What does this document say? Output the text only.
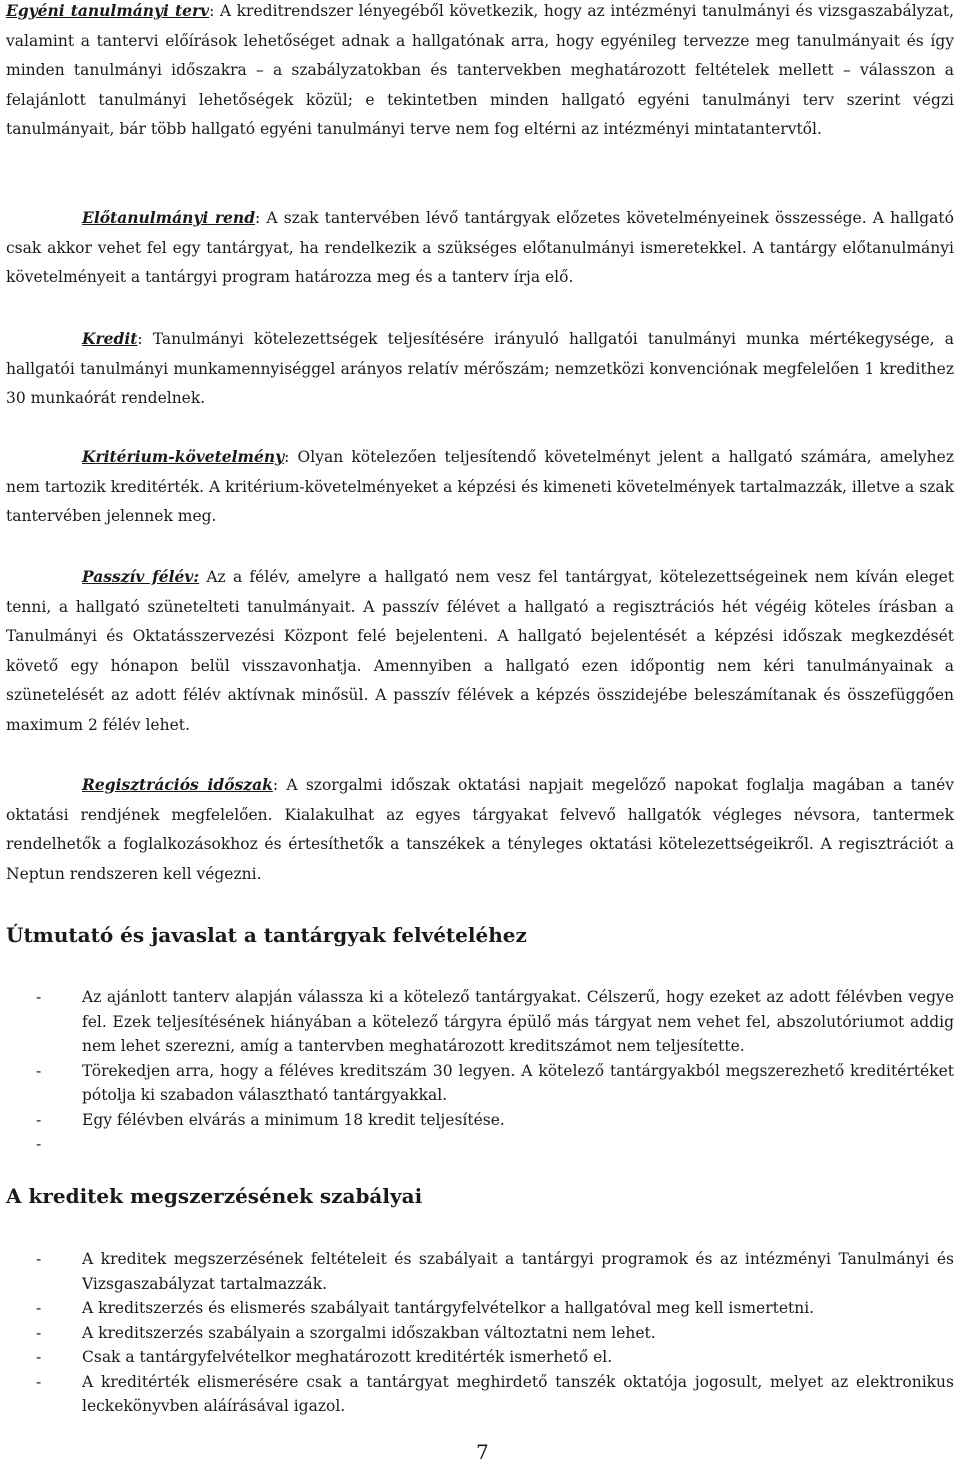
Egyéni tanulmányi terv: A kreditrendszer lényegéből következik, hogy az intézményi tanulmányi és vizsgaszabályzat, valamint a tantervi előírások lehetőséget adnak a hallgatónak arra, hogy egyénileg tervezze meg tanulmányait és így minden tanulmányi időszakra – a szabályzatokban és tantervekben meghatározott feltételek mellett – válasszon a felajánlott tanulmányi lehetőségek közül; e tekintetben minden hallgató egyéni tanulmányi terv szerint végzi tanulmányait, bár több hallgató egyéni tanulmányi terve nem fog eltérni az intézményi mintatantervtől.

Előtanulmányi rend: A szak tantervében lévő tantárgyak előzetes követelményeinek összessége. A hallgató csak akkor vehet fel egy tantárgyat, ha rendelkezik a szükséges előtanulmányi ismeretekkel. A tantárgy előtanulmányi követelményeit a tantárgyi program határozza meg és a tanterv írja elő.

Kredit: Tanulmányi kötelezettségek teljesítésére irányuló hallgatói tanulmányi munka mértékegysége, a hallgatói tanulmányi munkamennyiséggel arányos relatív mérőszám; nemzetközi konvenciónak megfelelően 1 kredithez 30 munkaórát rendelnek.

Kritérium-követelmény: Olyan kötelezően teljesítendő követelményt jelent a hallgató számára, amelyhez nem tartozik kreditérték. A kritérium-követelményeket a képzési és kimeneti követelmények tartalmazzák, illetve a szak tantervében jelennek meg.

Passzív félév: Az a félév, amelyre a hallgató nem vesz fel tantárgyat, kötelezettségeinek nem kíván eleget tenni, a hallgató szünetelteti tanulmányait. A passzív félévet a hallgató a regisztrációs hét végéig köteles írásban a Tanulmányi és Oktatásszervezési Központ felé bejelenteni. A hallgató bejelentését a képzési időszak megkezdését követő egy hónapon belül visszavonhatja. Amennyiben a hallgató ezen időpontig nem kéri tanulmányainak a szünetelését az adott félév aktívnak minősül. A passzív félévek a képzés összidejébe beleszámítanak és összefüggően maximum 2 félév lehet.

Regisztrációs időszak: A szorgalmi időszak oktatási napjait megelőző napokat foglalja magában a tanév oktatási rendjének megfelelően. Kialakulhat az egyes tárgyakat felvevő hallgatók végleges névsora, tantermek rendelhetők a foglalkozásokhoz és értesíthetők a tanszékek a tényleges oktatási kötelezettségeikről. A regisztrációt a Neptun rendszeren kell végezni.

Útmutató és javaslat a tantárgyak felvételéhez
-	Az ajánlott tanterv alapján válassza ki a kötelező tantárgyakat. Célszerű, hogy ezeket az adott félévben vegye fel. Ezek teljesítésének hiányában a kötelező tárgyra épülő más tárgyat nem vehet fel, abszolutóriumot addig nem lehet szerezni, amíg a tantervben meghatározott kreditszámot nem teljesítette.
-	Törekedjen arra, hogy a féléves kreditszám 30 legyen. A kötelező tantárgyakból megszerezhető kreditértéket pótolja ki szabadon választható tantárgyakkal.
-	Egy félévben elvárás a minimum 18 kredit teljesítése.
-
A kreditek megszerzésének szabályai
-	A kreditek megszerzésének feltételeit és szabályait a tantárgyi programok és az intézményi Tanulmányi és Vizsgaszabályzat tartalmazzák.
-	A kreditszerzés és elismerés szabályait tantárgyfelvételkor a hallgatóval meg kell ismertetni.
-	A kreditszerzés szabályain a szorgalmi időszakban változtatni nem lehet.
-	Csak a tantárgyfelvételkor meghatározott kreditérték ismerhető el.
-	A kreditérték elismerésére csak a tantárgyat meghirdető tanszék oktatója jogosult, melyet az elektronikus leckekönyvben aláírásával igazol.
7
